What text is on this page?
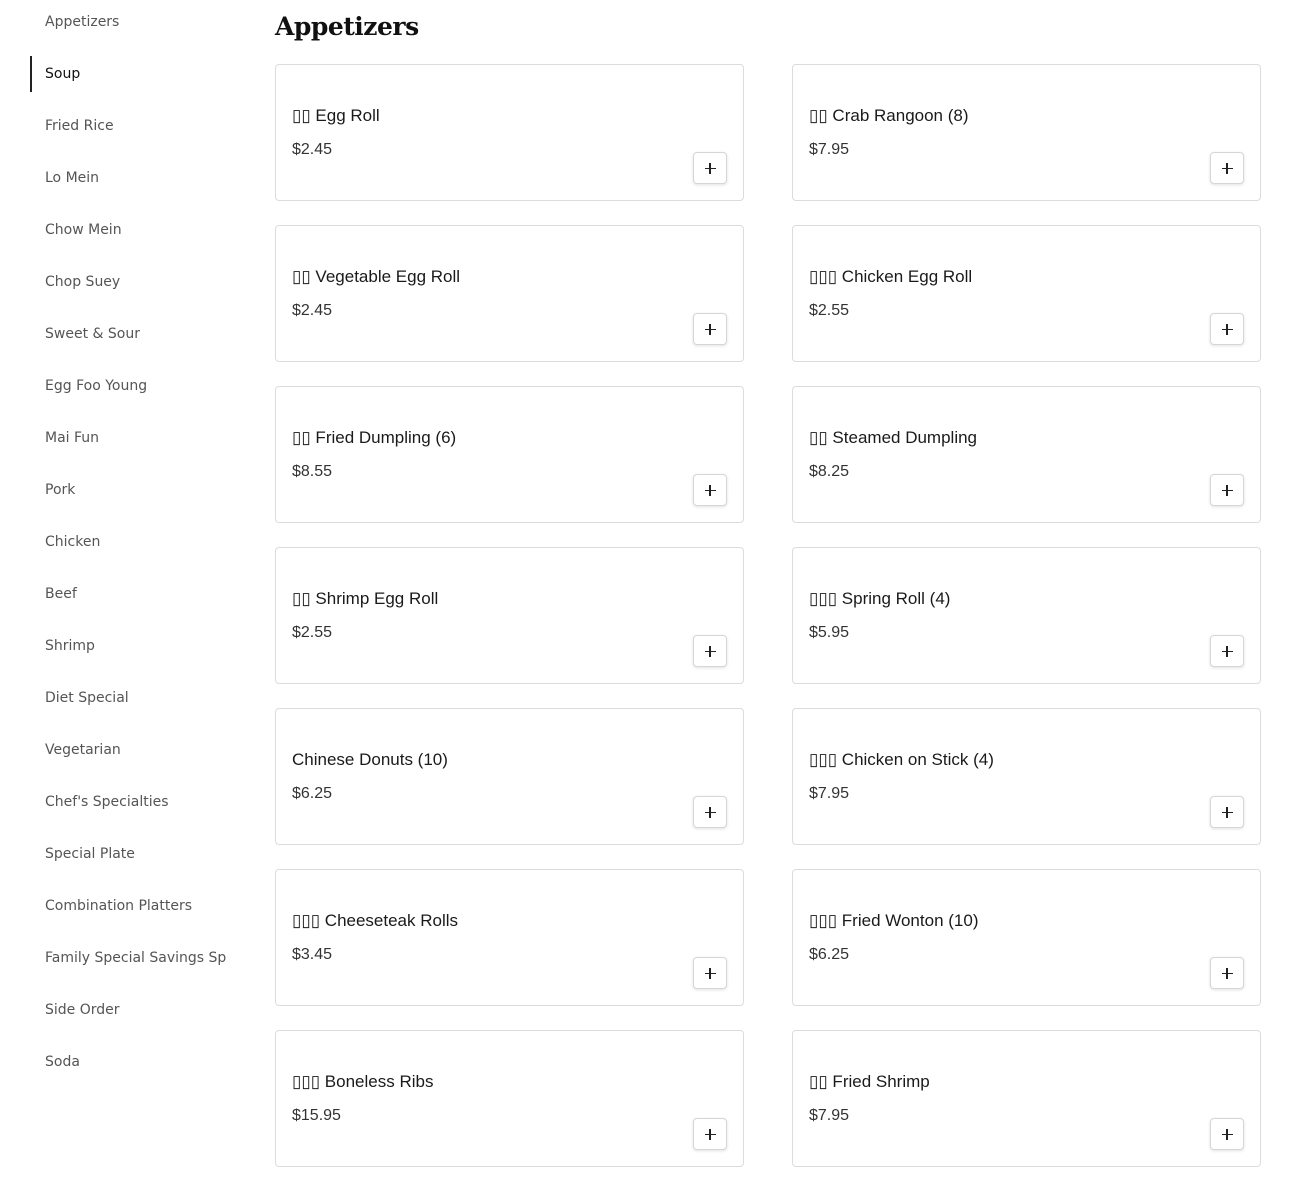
Appetizers
Soup
Fried Rice
Lo Mein
Chow Mein
Chop Suey
Sweet & Sour
Egg Foo Young
Mai Fun
Pork
Chicken
Beef
Shrimp
Diet Special
Vegetarian
Chef's Specialties
Special Plate
Combination Platters
Family Special Savings Sp
Side Order
Soda
Appetizers
▯▯ Egg Roll
$2.45
▯▯ Crab Rangoon (8)
$7.95
▯▯ Vegetable Egg Roll
$2.45
▯▯▯ Chicken Egg Roll
$2.55
▯▯ Fried Dumpling (6)
$8.55
▯▯ Steamed Dumpling
$8.25
▯▯ Shrimp Egg Roll
$2.55
▯▯▯ Spring Roll (4)
$5.95
Chinese Donuts (10)
$6.25
▯▯▯ Chicken on Stick (4)
$7.95
▯▯▯ Cheeseteak Rolls
$3.45
▯▯▯ Fried Wonton (10)
$6.25
▯▯▯ Boneless Ribs
$15.95
▯▯ Fried Shrimp
$7.95
